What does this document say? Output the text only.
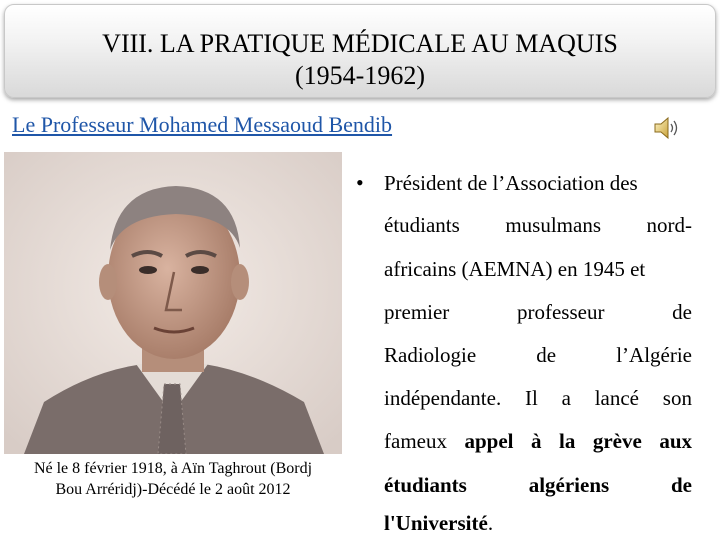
VIII. LA PRATIQUE MÉDICALE AU MAQUIS
(1954-1962)
Le Professeur Mohamed Messaoud Bendib
Né le 8 février 1918, à Aïn Taghrout (Bordj
Bou Arréridj)-Décédé le 2 août 2012
• Président de l’Association des
étudiants musulmans nord-
africains (AEMNA) en 1945 et
premier	professeur	de
Radiologie	de	l’Algérie
indépendante. Il a lancé son
fameux appel à la grève aux
étudiants	algériens	de
l'Université.
